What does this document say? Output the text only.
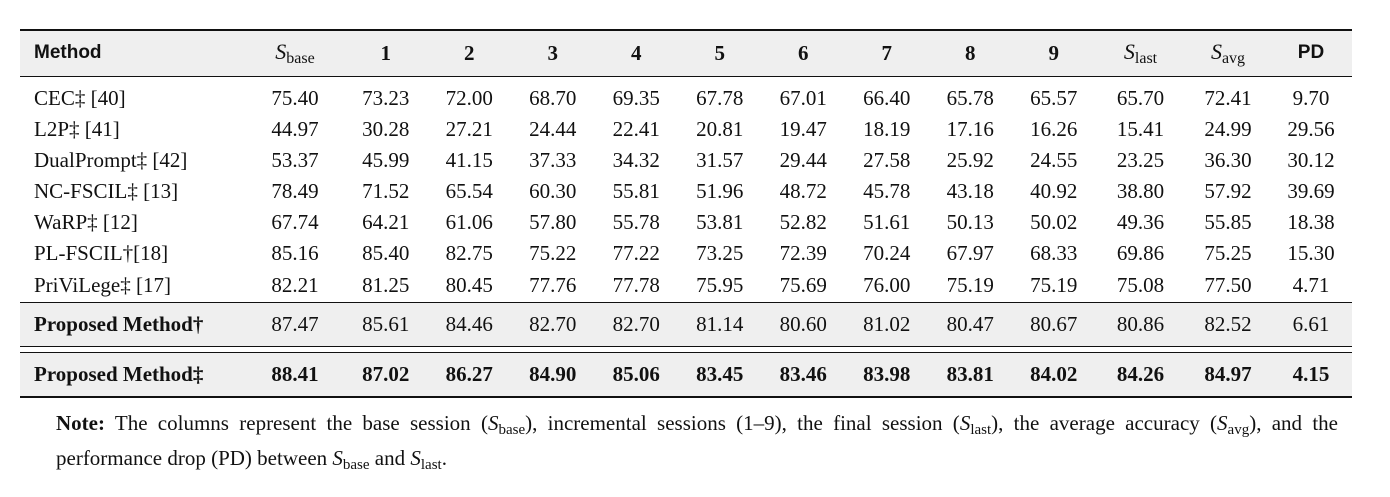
Method	Sbase	1	2	3	4	5	6	7	8	9	Slast	Savg	PD

CEC‡ [40]	75.40	73.23	72.00	68.70	69.35	67.78	67.01	66.40	65.78	65.57	65.70	72.41	9.70
L2P‡ [41]	44.97	30.28	27.21	24.44	22.41	20.81	19.47	18.19	17.16	16.26	15.41	24.99	29.56
DualPrompt‡ [42]	53.37	45.99	41.15	37.33	34.32	31.57	29.44	27.58	25.92	24.55	23.25	36.30	30.12
NC-FSCIL‡ [13]	78.49	71.52	65.54	60.30	55.81	51.96	48.72	45.78	43.18	40.92	38.80	57.92	39.69
WaRP‡ [12]	67.74	64.21	61.06	57.80	55.78	53.81	52.82	51.61	50.13	50.02	49.36	55.85	18.38
PL-FSCIL†[18]	85.16	85.40	82.75	75.22	77.22	73.25	72.39	70.24	67.97	68.33	69.86	75.25	15.30
PriViLege‡ [17]	82.21	81.25	80.45	77.76	77.78	75.95	75.69	76.00	75.19	75.19	75.08	77.50	4.71
Proposed Method†	87.47	85.61	84.46	82.70	82.70	81.14	80.60	81.02	80.47	80.67	80.86	82.52	6.61

Proposed Method‡	88.41	87.02	86.27	84.90	85.06	83.45	83.46	83.98	83.81	84.02	84.26	84.97	4.15
Note: The columns represent the base session (Sbase), incremental sessions (1–9), the final session (Slast), the average accuracy (Savg), and the performance drop (PD) between Sbase and Slast.
